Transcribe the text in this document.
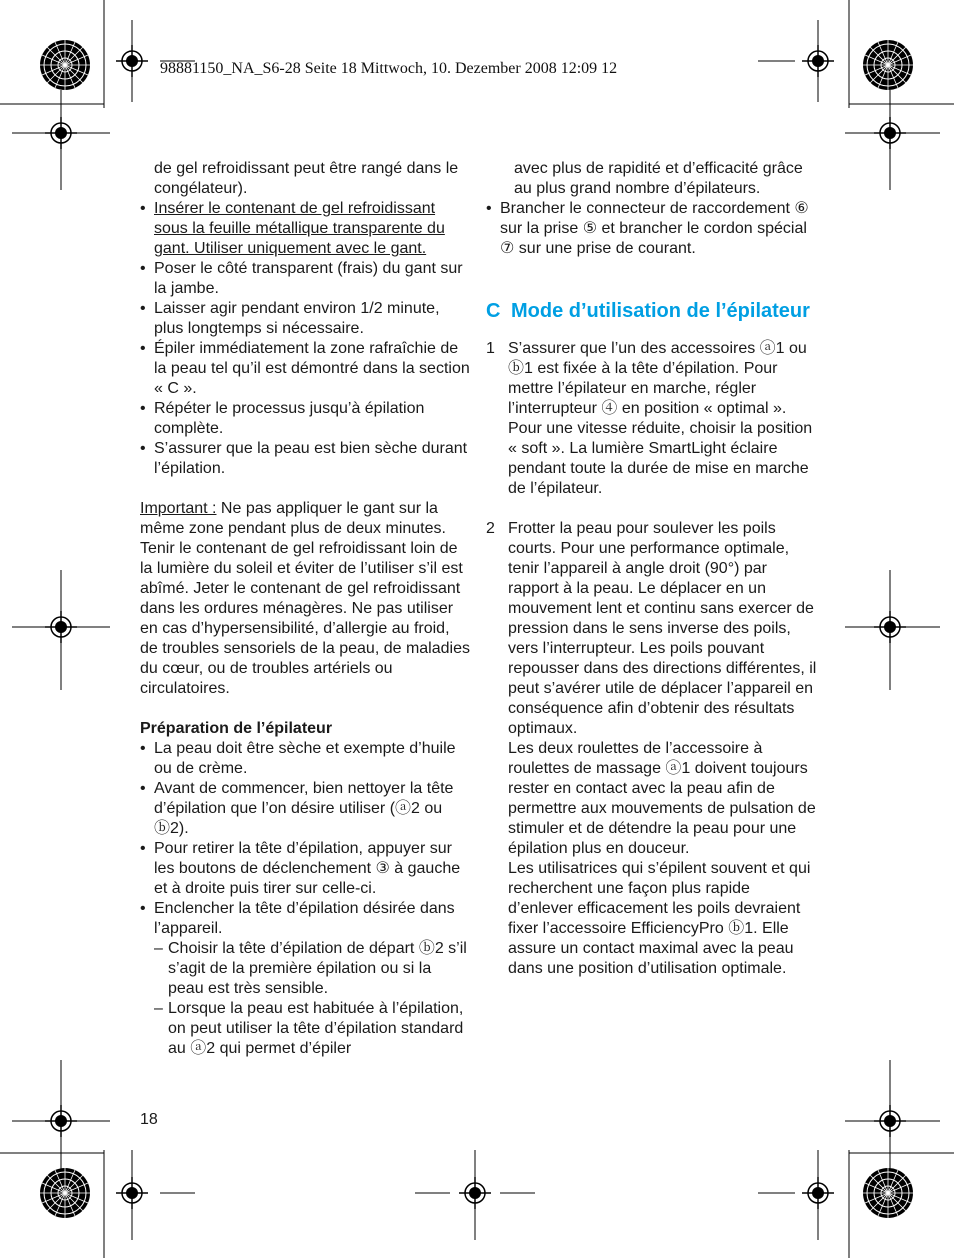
98881150_NA_S6-28 Seite 18 Mittwoch, 10. Dezember 2008 12:09 12

de gel refroidissant peut être rangé dans le congélateur).

• Insérer le contenant de gel refroidissant sous la feuille métallique transparente du gant. Utiliser uniquement avec le gant.
• Poser le côté transparent (frais) du gant sur la jambe.
• Laisser agir pendant environ 1/2 minute, plus longtemps si nécessaire.
• Épiler immédiatement la zone rafraîchie de la peau tel qu’il est démontré dans la section « C ».
• Répéter le processus jusqu’à épilation complète.
• S’assurer que la peau est bien sèche durant l’épilation.

Important : Ne pas appliquer le gant sur la même zone pendant plus de deux minutes.

Tenir le contenant de gel refroidissant loin de la lumière du soleil et éviter de l’utiliser s’il est abîmé. Jeter le contenant de gel refroidissant dans les ordures ménagères. Ne pas utiliser en cas d’hypersensibilité, d’allergie au froid, de troubles sensoriels de la peau, de maladies du cœur, ou de troubles artériels ou circulatoires.

Préparation de l’épilateur

• La peau doit être sèche et exempte d’huile ou de crème.
• Avant de commencer, bien nettoyer la tête d’épilation que l’on désire utiliser (ⓐ2 ou ⓑ2).
• Pour retirer la tête d’épilation, appuyer sur les boutons de déclenchement ③ à gauche et à droite puis tirer sur celle-ci.
• Enclencher la tête d’épilation désirée dans l’appareil.
– Choisir la tête d’épilation de départ ⓑ2 s’il s’agit de la première épilation ou si la peau est très sensible.
– Lorsque la peau est habituée à l’épilation, on peut utiliser la tête d’épilation standard au ⓐ2 qui permet d’épiler

avec plus de rapidité et d’efficacité grâce au plus grand nombre d’épilateurs.

• Brancher le connecteur de raccordement ⑥ sur la prise ⑤ et brancher le cordon spécial ⑦ sur une prise de courant.
C Mode d’utilisation de l’épilateur
1 S’assurer que l’un des accessoires ⓐ1 ou ⓑ1 est fixée à la tête d’épilation. Pour mettre l’épilateur en marche, régler l’interrupteur ④ en position « optimal ». Pour une vitesse réduite, choisir la position « soft ». La lumière SmartLight éclaire pendant toute la durée de mise en marche de l’épilateur.
2 Frotter la peau pour soulever les poils courts. Pour une performance optimale, tenir l’appareil à angle droit (90°) par rapport à la peau. Le déplacer en un mouvement lent et continu sans exercer de pression dans le sens inverse des poils, vers l’interrupteur. Les poils pouvant repousser dans des directions différentes, il peut s’avérer utile de déplacer l’appareil en conséquence afin d’obtenir des résultats optimaux.

Les deux roulettes de l’accessoire à roulettes de massage ⓐ1 doivent toujours rester en contact avec la peau afin de permettre aux mouvements de pulsation de stimuler et de détendre la peau pour une épilation plus en douceur.

Les utilisatrices qui s’épilent souvent et qui recherchent une façon plus rapide d’enlever efficacement les poils devraient fixer l’accessoire EfficiencyPro ⓑ1. Elle assure un contact maximal avec la peau dans une position d’utilisation optimale.

18
